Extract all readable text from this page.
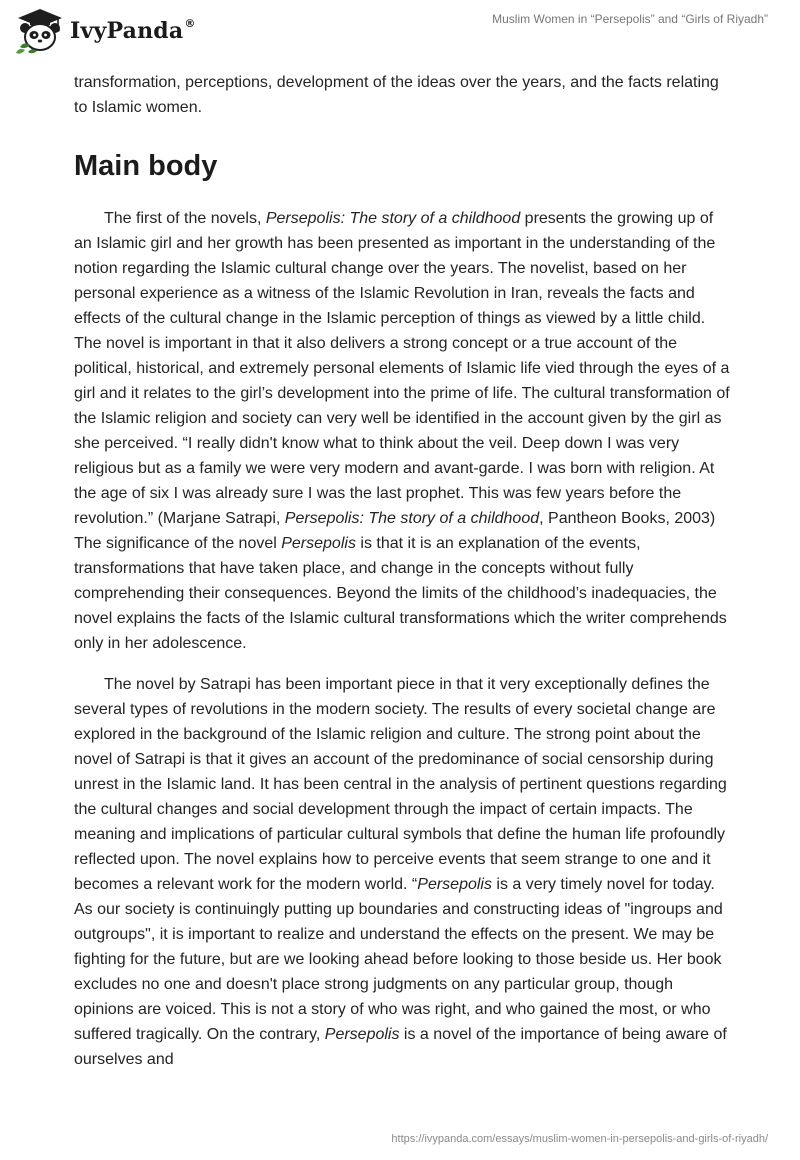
IvyPanda®	Muslim Women in “Persepolis” and “Girls of Riyadh”

transformation, perceptions, development of the ideas over the years, and the facts relating to Islamic women.

Main body

The first of the novels, Persepolis: The story of a childhood presents the growing up of an Islamic girl and her growth has been presented as important in the understanding of the notion regarding the Islamic cultural change over the years. The novelist, based on her personal experience as a witness of the Islamic Revolution in Iran, reveals the facts and effects of the cultural change in the Islamic perception of things as viewed by a little child. The novel is important in that it also delivers a strong concept or a true account of the political, historical, and extremely personal elements of Islamic life vied through the eyes of a girl and it relates to the girl’s development into the prime of life. The cultural transformation of the Islamic religion and society can very well be identified in the account given by the girl as she perceived. “I really didn't know what to think about the veil. Deep down I was very religious but as a family we were very modern and avant-garde. I was born with religion. At the age of six I was already sure I was the last prophet. This was few years before the revolution.” (Marjane Satrapi, Persepolis: The story of a childhood, Pantheon Books, 2003) The significance of the novel Persepolis is that it is an explanation of the events, transformations that have taken place, and change in the concepts without fully comprehending their consequences. Beyond the limits of the childhood’s inadequacies, the novel explains the facts of the Islamic cultural transformations which the writer comprehends only in her adolescence.

The novel by Satrapi has been important piece in that it very exceptionally defines the several types of revolutions in the modern society. The results of every societal change are explored in the background of the Islamic religion and culture. The strong point about the novel of Satrapi is that it gives an account of the predominance of social censorship during unrest in the Islamic land. It has been central in the analysis of pertinent questions regarding the cultural changes and social development through the impact of certain impacts. The meaning and implications of particular cultural symbols that define the human life profoundly reflected upon. The novel explains how to perceive events that seem strange to one and it becomes a relevant work for the modern world. “Persepolis is a very timely novel for today. As our society is continuingly putting up boundaries and constructing ideas of "ingroups and outgroups", it is important to realize and understand the effects on the present. We may be fighting for the future, but are we looking ahead before looking to those beside us. Her book excludes no one and doesn't place strong judgments on any particular group, though opinions are voiced. This is not a story of who was right, and who gained the most, or who suffered tragically. On the contrary, Persepolis is a novel of the importance of being aware of ourselves and

https://ivypanda.com/essays/muslim-women-in-persepolis-and-girls-of-riyadh/
